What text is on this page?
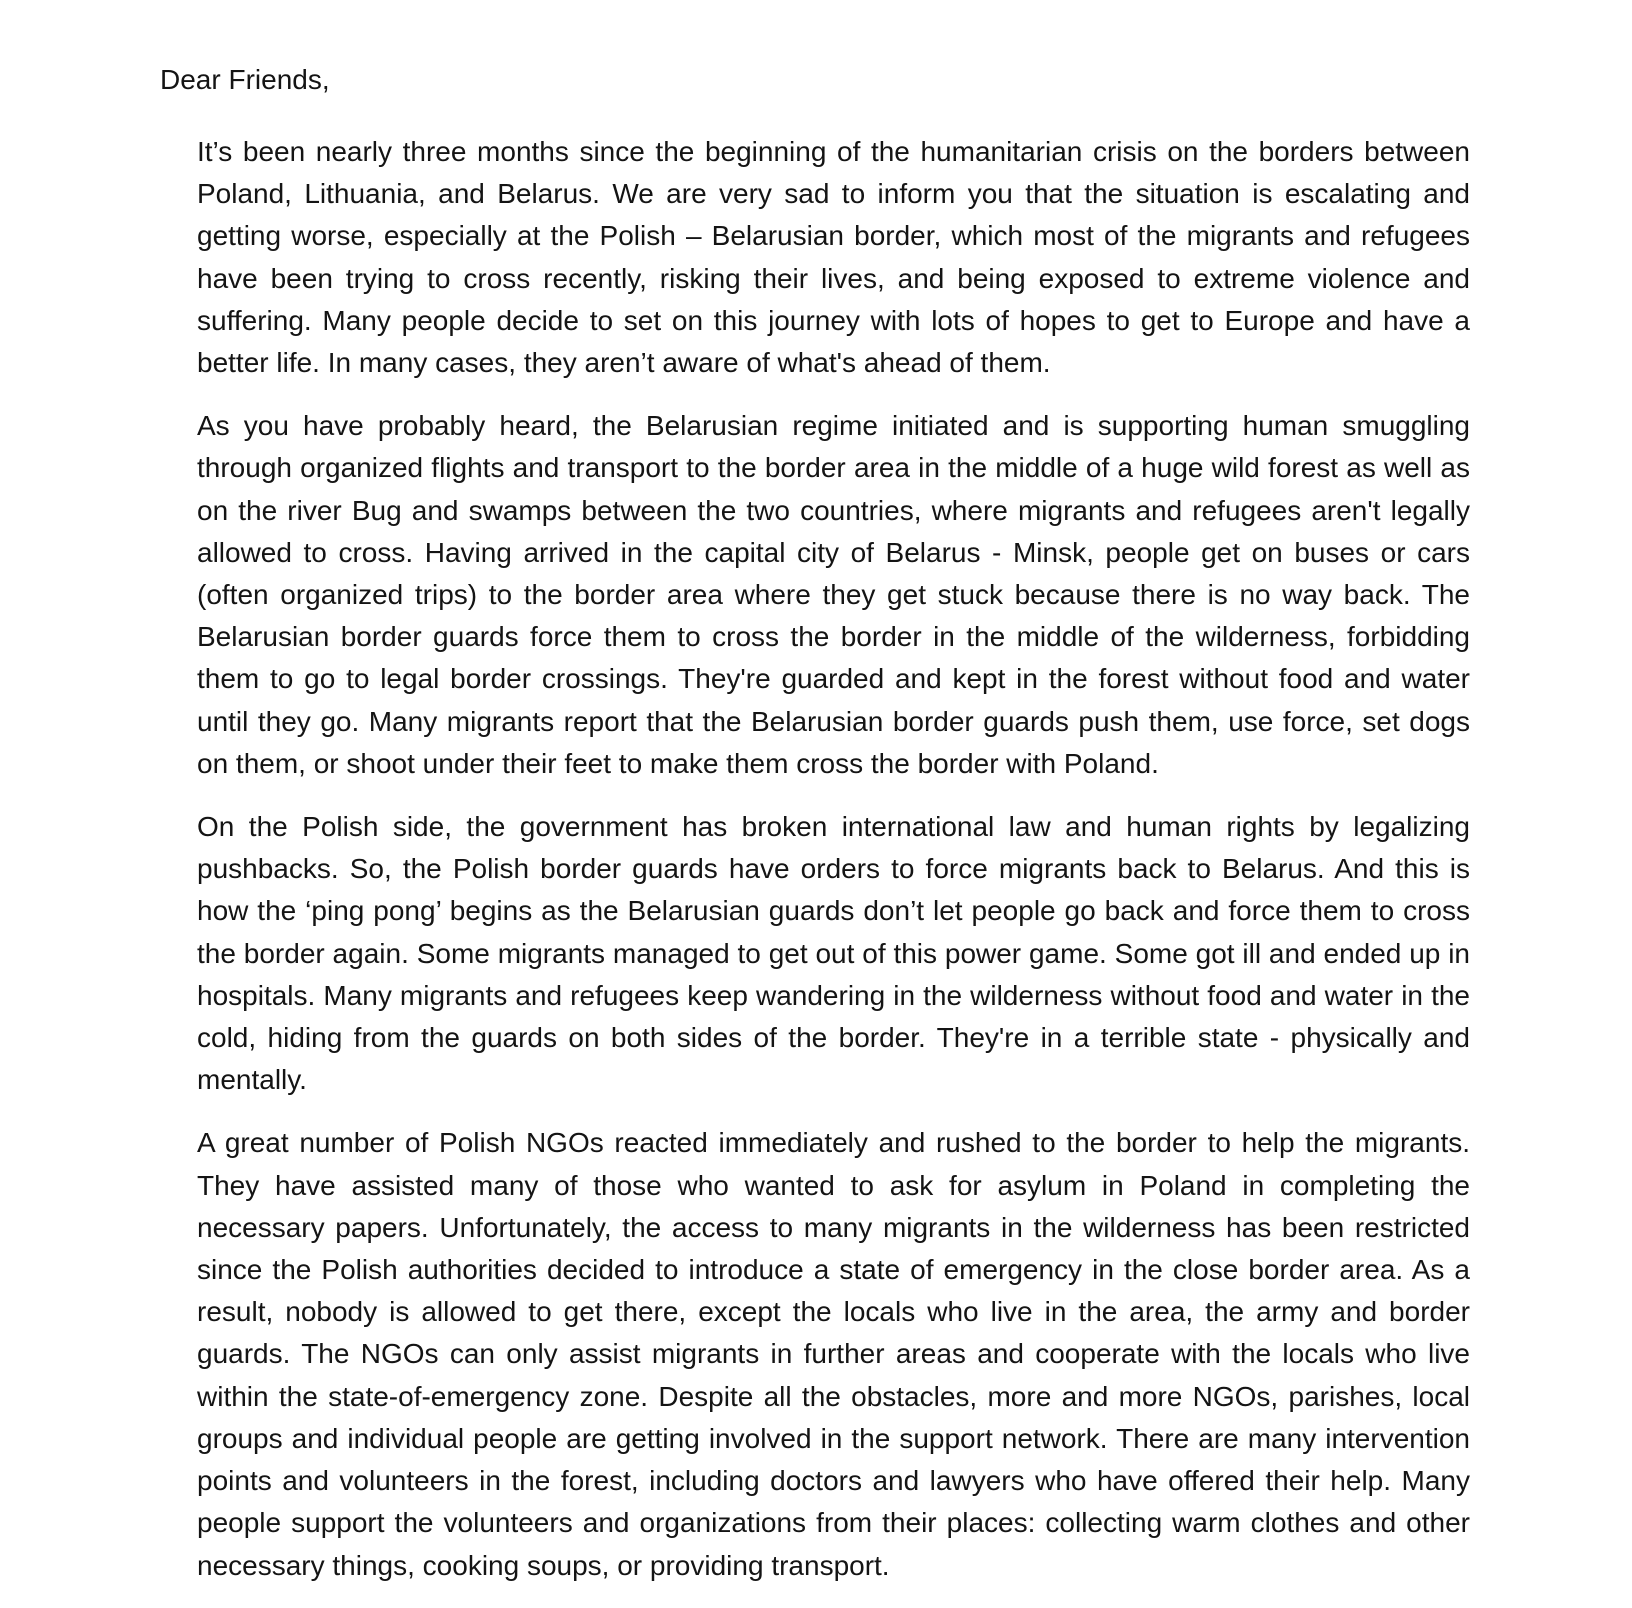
Dear Friends,

It’s been nearly three months since the beginning of the humanitarian crisis on the borders between Poland, Lithuania, and Belarus. We are very sad to inform you that the situation is escalating and getting worse, especially at the Polish – Belarusian border, which most of the migrants and refugees have been trying to cross recently, risking their lives, and being exposed to extreme violence and suffering. Many people decide to set on this journey with lots of hopes to get to Europe and have a better life. In many cases, they aren’t aware of what's ahead of them.

As you have probably heard, the Belarusian regime initiated and is supporting human smuggling through organized flights and transport to the border area in the middle of a huge wild forest as well as on the river Bug and swamps between the two countries, where migrants and refugees aren't legally allowed to cross. Having arrived in the capital city of Belarus - Minsk, people get on buses or cars (often organized trips) to the border area where they get stuck because there is no way back. The Belarusian border guards force them to cross the border in the middle of the wilderness, forbidding them to go to legal border crossings. They're guarded and kept in the forest without food and water until they go. Many migrants report that the Belarusian border guards push them, use force, set dogs on them, or shoot under their feet to make them cross the border with Poland.

On the Polish side, the government has broken international law and human rights by legalizing pushbacks. So, the Polish border guards have orders to force migrants back to Belarus. And this is how the ‘ping pong’ begins as the Belarusian guards don’t let people go back and force them to cross the border again. Some migrants managed to get out of this power game. Some got ill and ended up in hospitals. Many migrants and refugees keep wandering in the wilderness without food and water in the cold, hiding from the guards on both sides of the border. They're in a terrible state - physically and mentally.

A great number of Polish NGOs reacted immediately and rushed to the border to help the migrants. They have assisted many of those who wanted to ask for asylum in Poland in completing the necessary papers. Unfortunately, the access to many migrants in the wilderness has been restricted since the Polish authorities decided to introduce a state of emergency in the close border area. As a result, nobody is allowed to get there, except the locals who live in the area, the army and border guards. The NGOs can only assist migrants in further areas and cooperate with the locals who live within the state-of-emergency zone. Despite all the obstacles, more and more NGOs, parishes, local groups and individual people are getting involved in the support network. There are many intervention points and volunteers in the forest, including doctors and lawyers who have offered their help. Many people support the volunteers and organizations from their places: collecting warm clothes and other necessary things, cooking soups, or providing transport.
